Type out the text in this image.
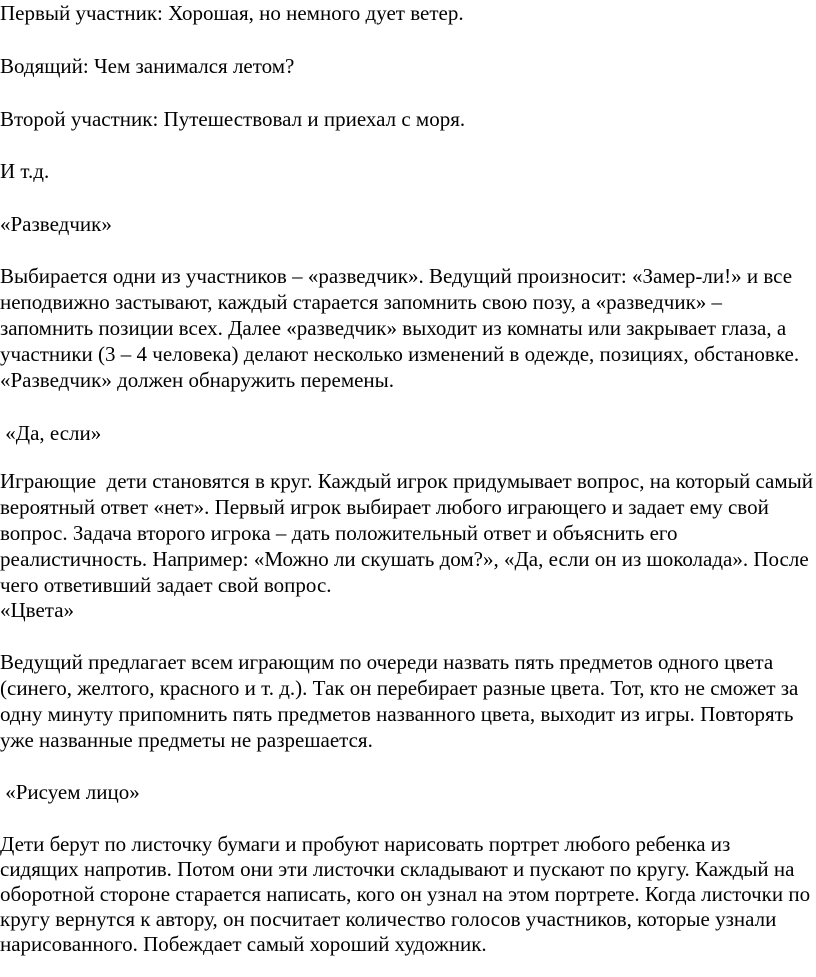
Первый участник: Хорошая, но немного дует ветер.

Водящий: Чем занимался летом?

Второй участник: Путешествовал и приехал с моря.

И т.д.

«Разведчик»

Выбирается одни из участников – «разведчик». Ведущий произносит: «Замер-ли!» и все

неподвижно застывают, каждый старается запомнить свою позу, а «разведчик» –

запомнить позиции всех. Далее «разведчик» выходит из комнаты или закрывает глаза, а

участники (3 – 4 человека) делают несколько изменений в одежде, позициях, обстановке.

«Разведчик» должен обнаружить перемены.

«Да, если»

Играющие  дети становятся в круг. Каждый игрок придумывает вопрос, на который самый

вероятный ответ «нет». Первый игрок выбирает любого играющего и задает ему свой

вопрос. Задача второго игрока – дать положительный ответ и объяснить его

реалистичность. Например: «Можно ли скушать дом?», «Да, если он из шоколада». После

чего ответивший задает свой вопрос.

«Цвета»

Ведущий предлагает всем играющим по очереди назвать пять предметов одного цвета

(синего, желтого, красного и т. д.). Так он перебирает разные цвета. Тот, кто не сможет за

одну минуту припомнить пять предметов названного цвета, выходит из игры. Повторять

уже названные предметы не разрешается.

«Рисуем лицо»

Дети берут по листочку бумаги и пробуют нарисовать портрет любого ребенка из

сидящих напротив. Потом они эти листочки складывают и пускают по кругу. Каждый на

оборотной стороне старается написать, кого он узнал на этом портрете. Когда листочки по

кругу вернутся к автору, он посчитает количество голосов участников, которые узнали

нарисованного. Побеждает самый хороший художник.
